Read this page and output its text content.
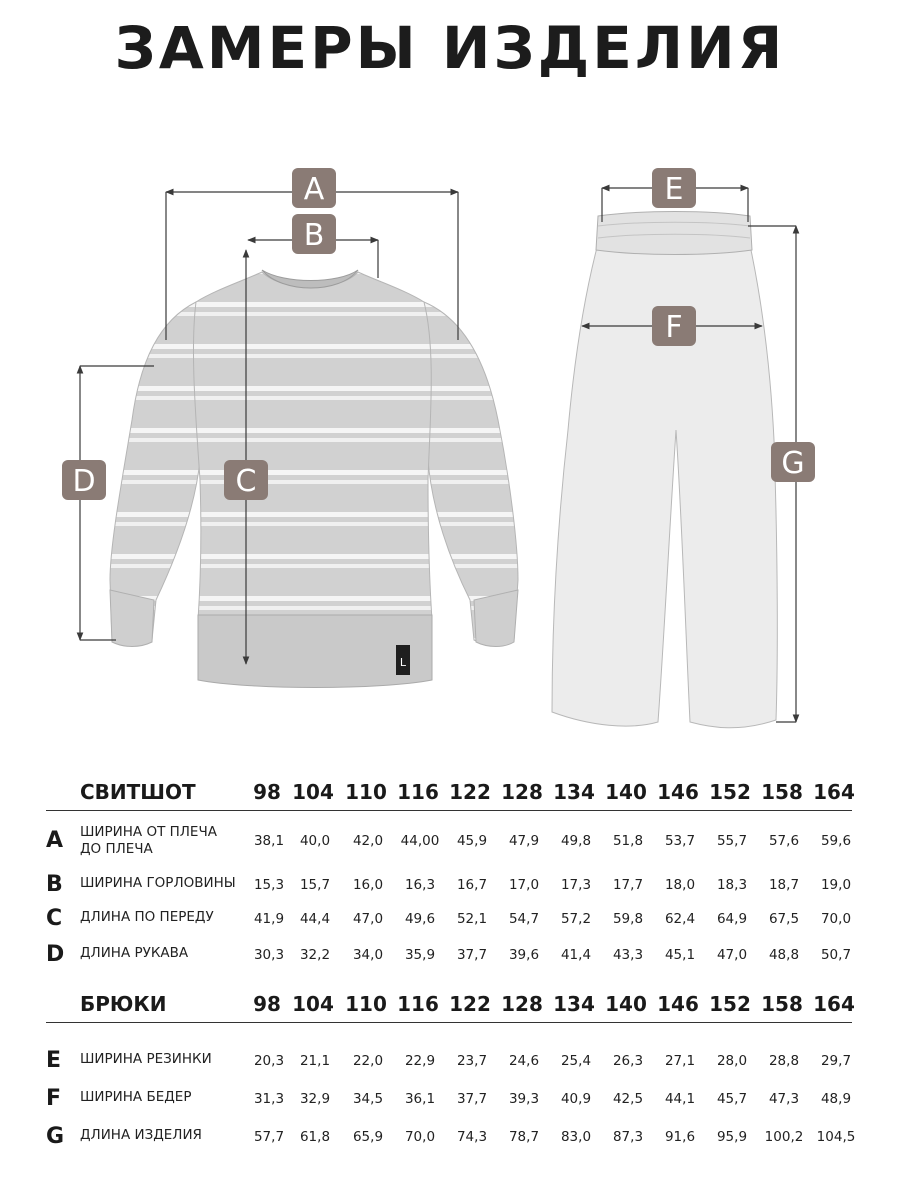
ЗАМЕРЫ ИЗДЕЛИЯ
L
A
B
C
D
E
F
G
СВИТШОТ	98 104 110 116 122 128 134 140 146 152 158 164
A ШИРИНА ОТ ПЛЕЧА ДО ПЛЕЧА	38,1	40,0	42,0	44,00	45,9	47,9	49,8	51,8	53,7	55,7	57,6	59,6
B ШИРИНА ГОРЛОВИНЫ	15,3	15,7	16,0	16,3	16,7	17,0	17,3	17,7	18,0	18,3	18,7	19,0
C ДЛИНА ПО ПЕРЕДУ	41,9	44,4	47,0	49,6	52,1	54,7	57,2	59,8	62,4	64,9	67,5	70,0
D ДЛИНА РУКАВА	30,3	32,2	34,0	35,9	37,7	39,6	41,4	43,3	45,1	47,0	48,8	50,7
БРЮКИ	98 104 110 116 122 128 134 140 146 152 158 164
E ШИРИНА РЕЗИНКИ	20,3	21,1	22,0	22,9	23,7	24,6	25,4	26,3	27,1	28,0	28,8	29,7
F ШИРИНА БЕДЕР	31,3	32,9	34,5	36,1	37,7	39,3	40,9	42,5	44,1	45,7	47,3	48,9
G ДЛИНА ИЗДЕЛИЯ	57,7	61,8	65,9	70,0	74,3	78,7	83,0	87,3	91,6	95,9	100,2 104,5
